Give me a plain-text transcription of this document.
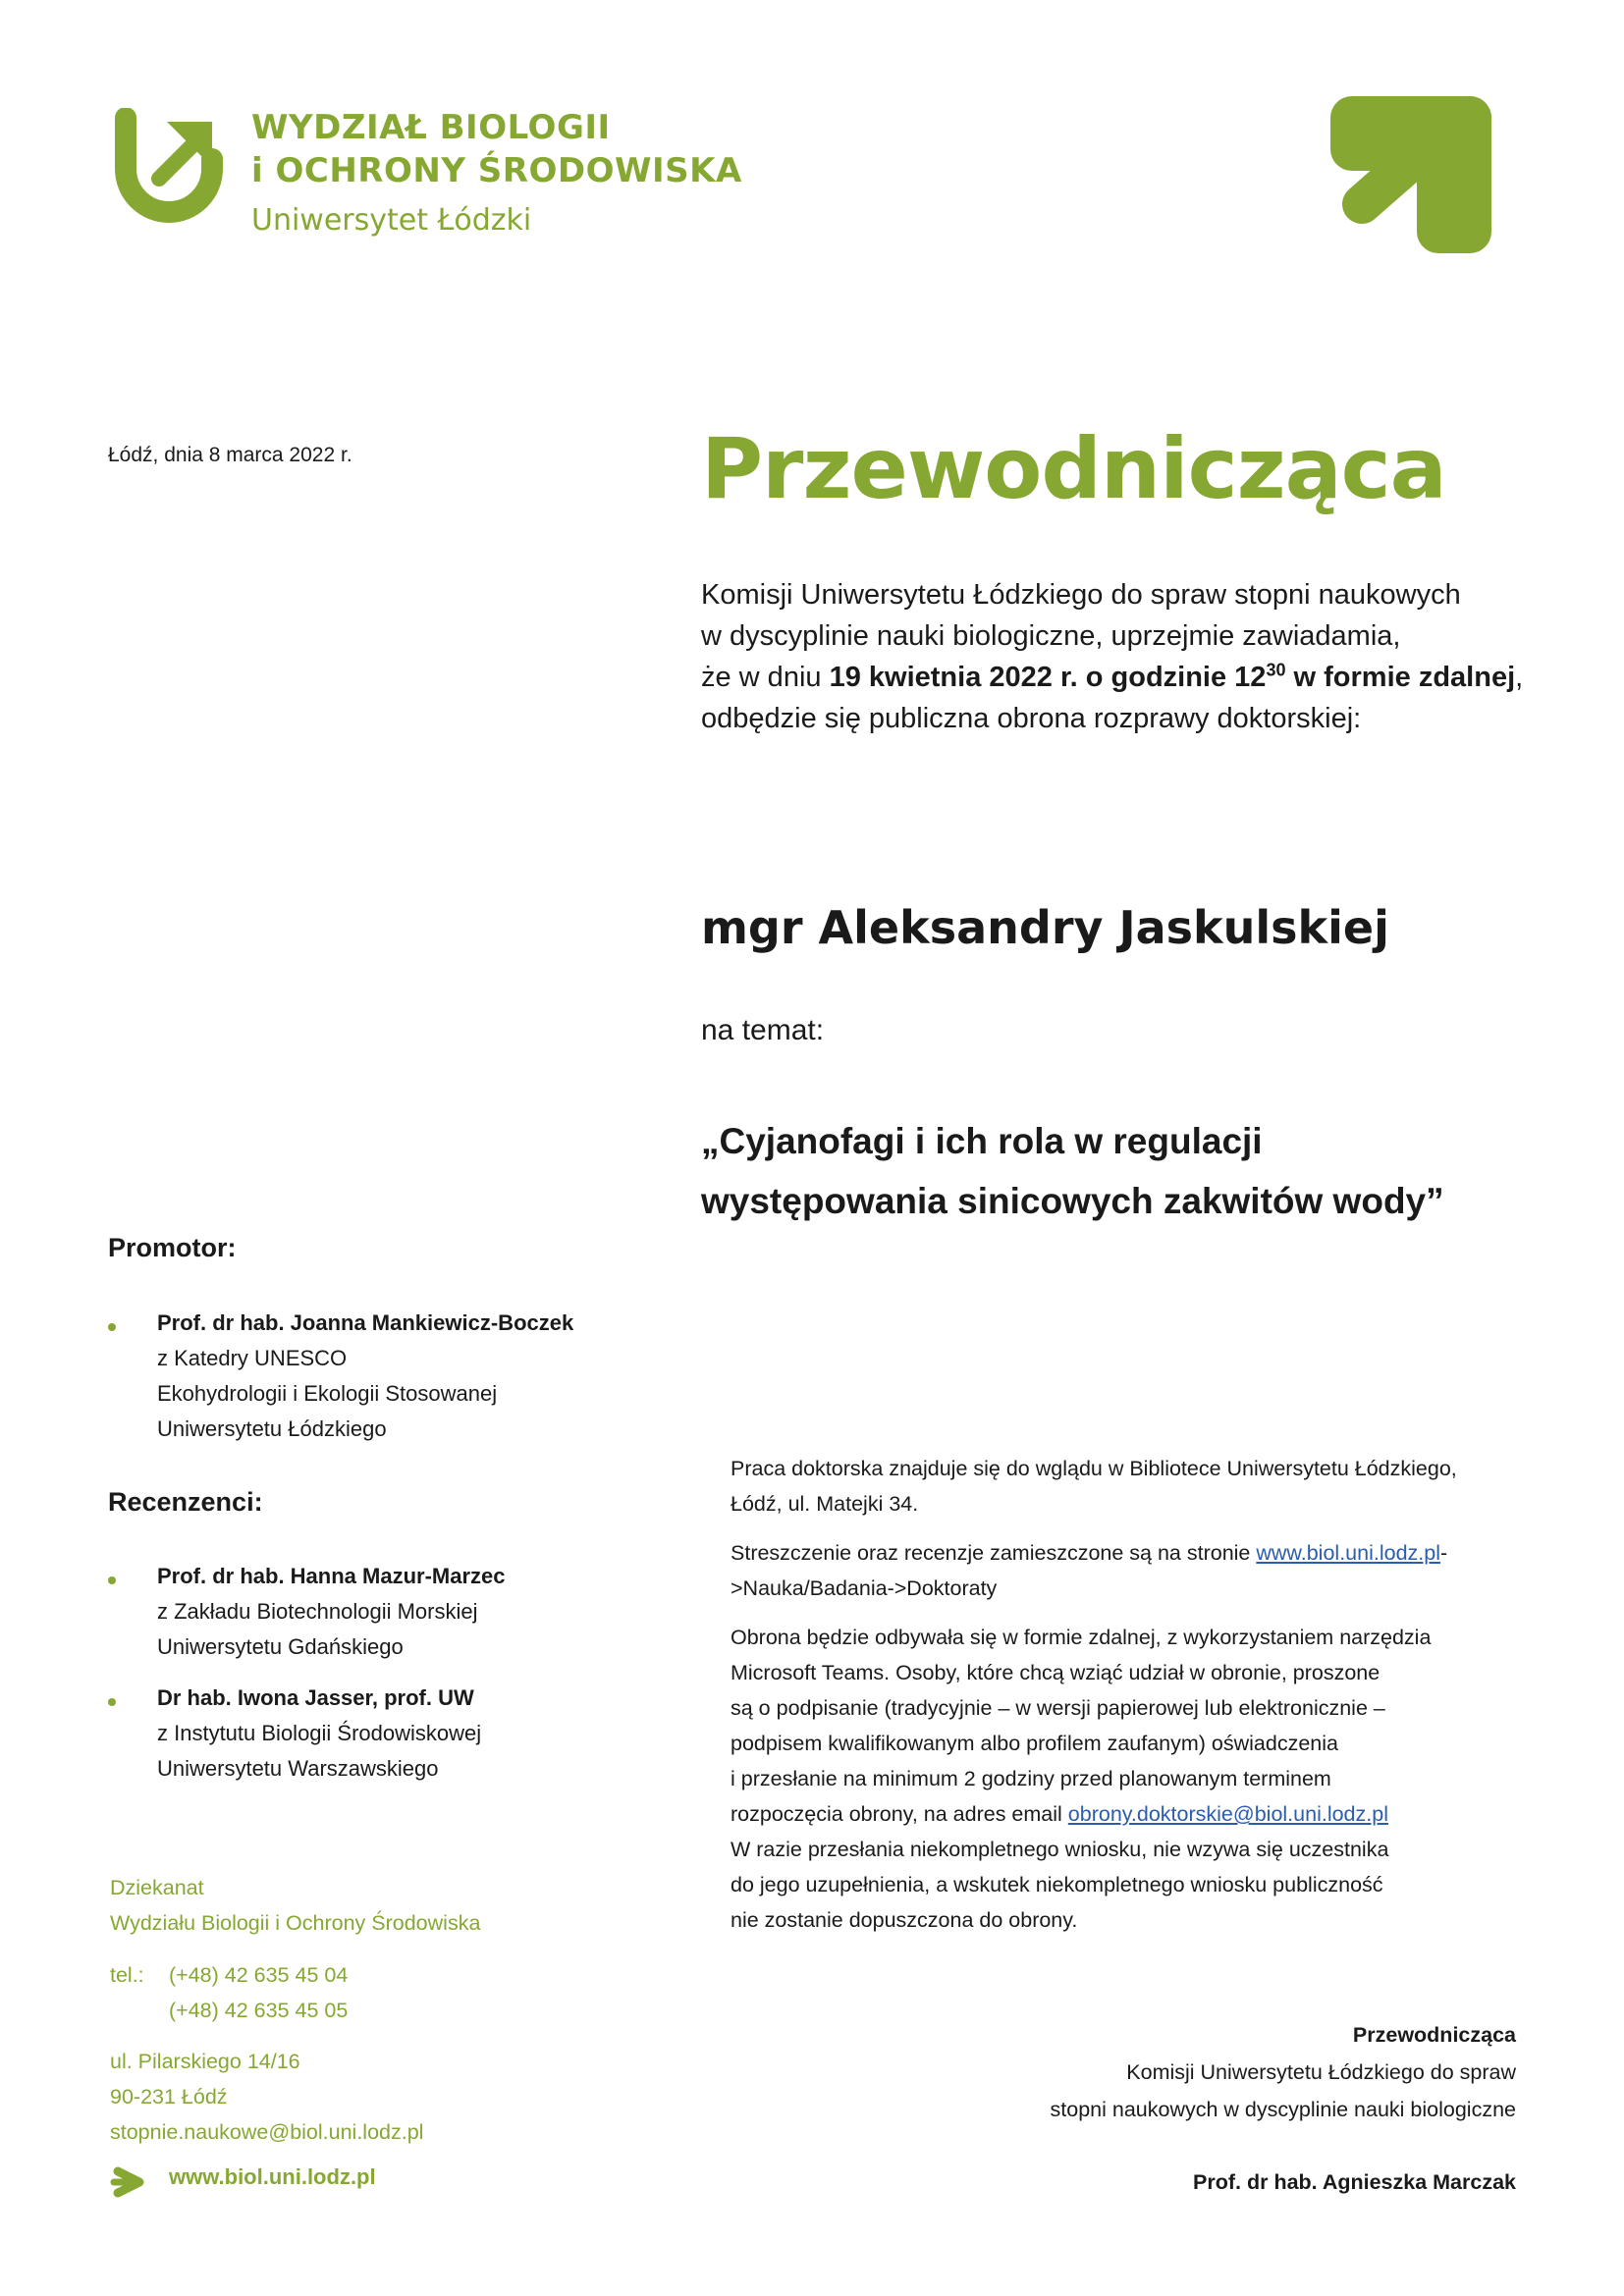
WYDZIAŁ BIOLOGII
i OCHRONY ŚRODOWISKA
Uniwersytet Łódzki
Łódź, dnia 8 marca 2022 r.	Przewodnicząca
Komisji Uniwersytetu Łódzkiego do spraw stopni naukowych
w dyscyplinie nauki biologiczne, uprzejmie zawiadamia,
że w dniu 19 kwietnia 2022 r. o godzinie $12^{30}$ w formie zdalnej,
odbędzie się publiczna obrona rozprawy doktorskiej:
mgr Aleksandry Jaskulskiej
na temat:
„Cyjanofagi i ich rola w regulacji
występowania sinicowych zakwitów wody”
Promotor:
Prof. dr hab. Joanna Mankiewicz-Boczek
z Katedry UNESCO
Ekohydrologii i Ekologii Stosowanej
Uniwersytetu Łódzkiego
Recenzenci:
Prof. dr hab. Hanna Mazur-Marzec
z Zakładu Biotechnologii Morskiej
Uniwersytetu Gdańskiego
Dr hab. Iwona Jasser, prof. UW
z Instytutu Biologii Środowiskowej
Uniwersytetu Warszawskiego
Praca doktorska znajduje się do wglądu w Bibliotece Uniwersytetu Łódzkiego,
Łódź, ul. Matejki 34.
Streszczenie oraz recenzje zamieszczone są na stronie www.biol.uni.lodz.pl-
>Nauka/Badania->Doktoraty
Obrona będzie odbywała się w formie zdalnej, z wykorzystaniem narzędzia
Microsoft Teams. Osoby, które chcą wziąć udział w obronie, proszone
są o podpisanie (tradycyjnie – w wersji papierowej lub elektronicznie –
podpisem kwalifikowanym albo profilem zaufanym) oświadczenia
i przesłanie na minimum 2 godziny przed planowanym terminem
rozpoczęcia obrony, na adres email obrony.doktorskie@biol.uni.lodz.pl
W razie przesłania niekompletnego wniosku, nie wzywa się uczestnika
do jego uzupełnienia, a wskutek niekompletnego wniosku publiczność
nie zostanie dopuszczona do obrony.
Dziekanat
Wydziału Biologii i Ochrony Środowiska
tel.:	(+48) 42 635 45 04
(+48) 42 635 45 05
ul. Pilarskiego 14/16
90-231 Łódź
stopnie.naukowe@biol.uni.lodz.pl
www.biol.uni.lodz.pl
Przewodnicząca
Komisji Uniwersytetu Łódzkiego do spraw
stopni naukowych w dyscyplinie nauki biologiczne
Prof. dr hab. Agnieszka Marczak
